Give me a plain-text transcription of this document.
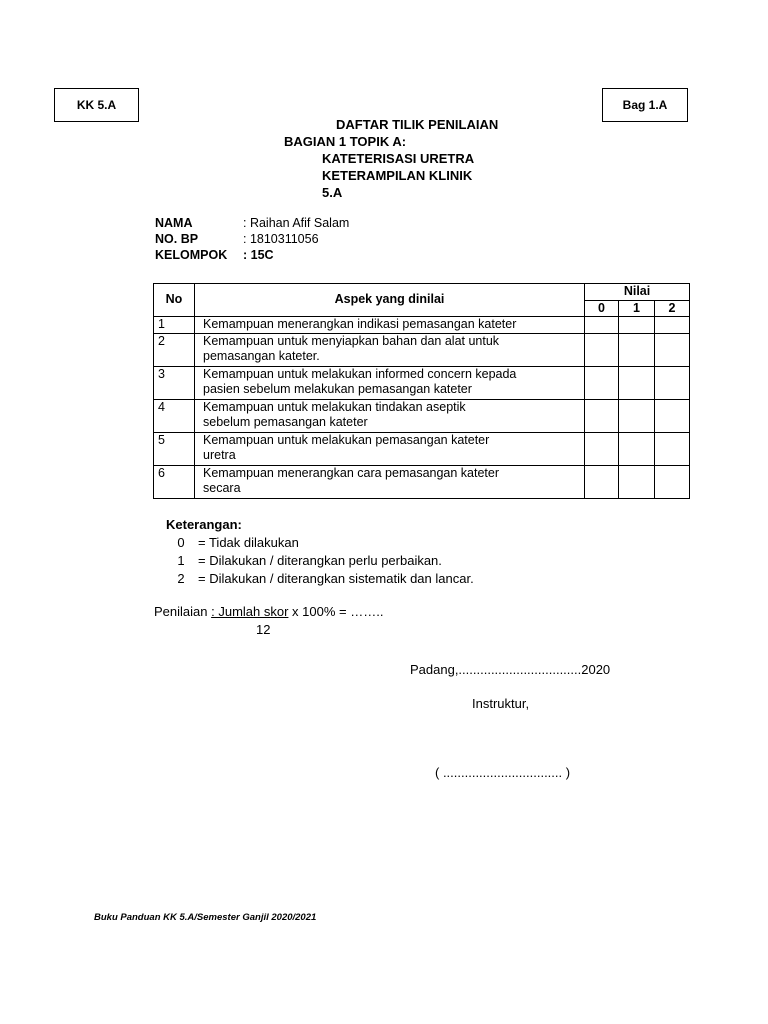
KK 5.A	Bag 1.A
DAFTAR TILIK PENILAIAN
BAGIAN 1 TOPIK A:
KATETERISASI URETRA
KETERAMPILAN KLINIK
5.A
NAMA	: Raihan Afif Salam
NO. BP	: 1810311056
KELOMPOK	: 15C
No	Aspek yang dinilai	Nilai		
		0	1	2
1	Kemampuan menerangkan indikasi pemasangan kateter			
2	Kemampuan untuk menyiapkan bahan dan alat untuk
pemasangan kateter.			

3	Kemampuan untuk melakukan informed concern kepada
pasien sebelum melakukan pemasangan kateter			

4	Kemampuan untuk melakukan tindakan aseptik
sebelum pemasangan kateter			

5	Kemampuan untuk melakukan pemasangan kateter
uretra			

6	Kemampuan menerangkan cara pemasangan kateter
secara			

Keterangan:
0	= Tidak dilakukan
1	= Dilakukan / diterangkan perlu perbaikan.
2	= Dilakukan / diterangkan sistematik dan lancar.
Penilaian : Jumlah skor x 100% = ……..
12
Padang,..................................2020
Instruktur,
( ................................. )
Buku Panduan KK 5.A/Semester Ganjil 2020/2021
